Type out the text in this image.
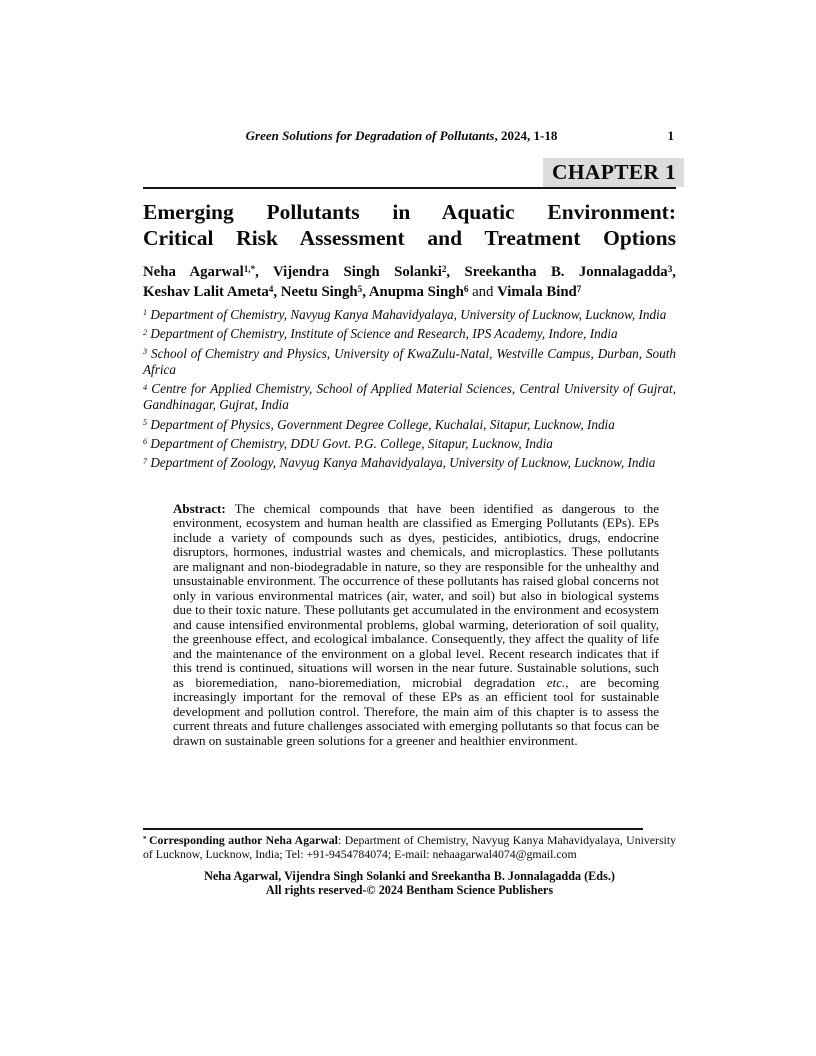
Green Solutions for Degradation of Pollutants, 2024, 1-18	1
CHAPTER 1
Emerging Pollutants in Aquatic Environment:
Critical Risk Assessment and Treatment Options
Neha Agarwal$^{1,*}$, Vijendra Singh Solanki$^2$, Sreekantha B. Jonnalagadda$^3$,
Keshav Lalit Ameta$^4$, Neetu Singh$^5$, Anupma Singh$^6$ and Vimala Bind$^7$

$^1$ Department of Chemistry, Navyug Kanya Mahavidyalaya, University of Lucknow, Lucknow, India

$^2$ Department of Chemistry, Institute of Science and Research, IPS Academy, Indore, India

$^3$ School of Chemistry and Physics, University of KwaZulu-Natal, Westville Campus, Durban, South Africa

$^4$ Centre for Applied Chemistry, School of Applied Material Sciences, Central University of Gujrat, Gandhinagar, Gujrat, India

$^5$ Department of Physics, Government Degree College, Kuchalai, Sitapur, Lucknow, India

$^6$ Department of Chemistry, DDU Govt. P.G. College, Sitapur, Lucknow, India

$^7$ Department of Zoology, Navyug Kanya Mahavidyalaya, University of Lucknow, Lucknow, India

Abstract: The chemical compounds that have been identified as dangerous to the environment, ecosystem and human health are classified as Emerging Pollutants (EPs). EPs include a variety of compounds such as dyes, pesticides, antibiotics, drugs, endocrine disruptors, hormones, industrial wastes and chemicals, and microplastics. These pollutants are malignant and non-biodegradable in nature, so they are responsible for the unhealthy and unsustainable environment. The occurrence of these pollutants has raised global concerns not only in various environmental matrices (air, water, and soil) but also in biological systems due to their toxic nature. These pollutants get accumulated in the environment and ecosystem and cause intensified environmental problems, global warming, deterioration of soil quality, the greenhouse effect, and ecological imbalance. Consequently, they affect the quality of life and the maintenance of the environment on a global level. Recent research indicates that if this trend is continued, situations will worsen in the near future. Sustainable solutions, such as bioremediation, nano-bioremediation, microbial degradation etc., are becoming increasingly important for the removal of these EPs as an efficient tool for sustainable development and pollution control. Therefore, the main aim of this chapter is to assess the current threats and future challenges associated with emerging pollutants so that focus can be drawn on sustainable green solutions for a greener and healthier environment.

* Corresponding author Neha Agarwal: Department of Chemistry, Navyug Kanya Mahavidyalaya, University of Lucknow, Lucknow, India; Tel: +91-9454784074; E-mail: nehaagarwal4074@gmail.com

Neha Agarwal, Vijendra Singh Solanki and Sreekantha B. Jonnalagadda (Eds.)

All rights reserved-© 2024 Bentham Science Publishers
